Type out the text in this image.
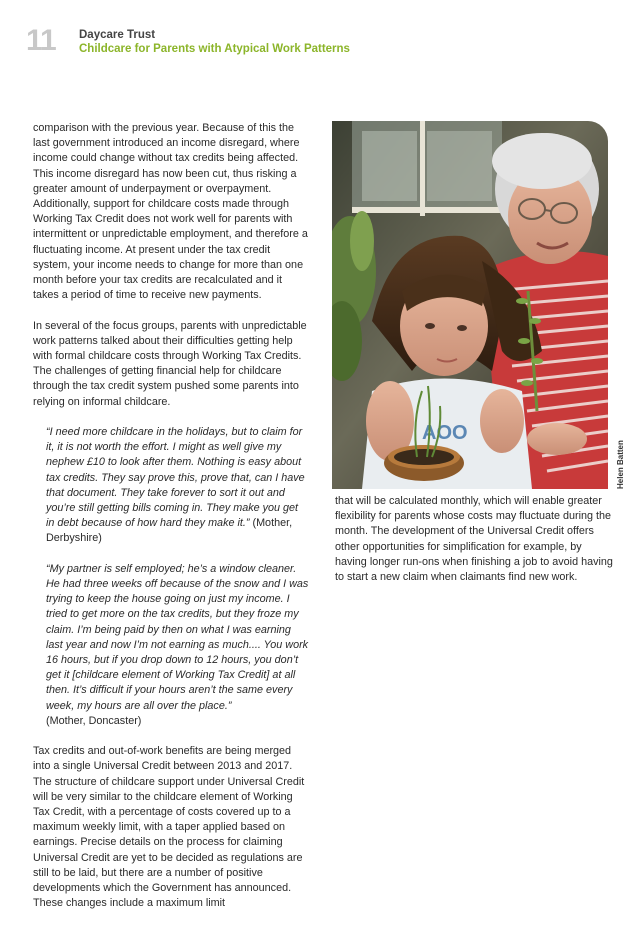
11 Daycare Trust
Childcare for Parents with Atypical Work Patterns

comparison with the previous year. Because of this the last government introduced an income disregard, where income could change without tax credits being affected. This income disregard has now been cut, thus risking a greater amount of underpayment or overpayment. Additionally, support for childcare costs made through Working Tax Credit does not work well for parents with intermittent or unpredictable employment, and therefore a fluctuating income. At present under the tax credit system, your income needs to change for more than one month before your tax credits are recalculated and it takes a period of time to receive new payments.

In several of the focus groups, parents with unpredictable work patterns talked about their difficulties getting help with formal childcare costs through Working Tax Credits. The challenges of getting financial help for childcare through the tax credit system pushed some parents into relying on informal childcare.

“I need more childcare in the holidays, but to claim for it, it is not worth the effort. I might as well give my nephew £10 to look after them. Nothing is easy about tax credits. They say prove this, prove that, can I have that document. They take forever to sort it out and you’re still getting bills coming in. They make you get in debt because of how hard they make it.” (Mother, Derbyshire)

“My partner is self employed; he’s a window cleaner. He had three weeks off because of the snow and I was trying to keep the house going on just my income. I tried to get more on the tax credits, but they froze my claim. I’m being paid by then on what I was earning last year and now I’m not earning as much.... You work 16 hours, but if you drop down to 12 hours, you don’t get it [childcare element of Working Tax Credit] at all then. It’s difficult if your hours aren’t the same every week, my hours are all over the place.”
(Mother, Doncaster)

Tax credits and out-of-work benefits are being merged into a single Universal Credit between 2013 and 2017. The structure of childcare support under Universal Credit will be very similar to the childcare element of Working Tax Credit, with a percentage of costs covered up to a maximum weekly limit, with a taper applied based on earnings. Precise details on the process for claiming Universal Credit are yet to be decided as regulations are still to be laid, but there are a number of positive developments which the Government has announced. These changes include a maximum limit

AOO
Helen Batten

that will be calculated monthly, which will enable greater flexibility for parents whose costs may fluctuate during the month. The development of the Universal Credit offers other opportunities for simplification for example, by having longer run-ons when finishing a job to avoid having to start a new claim when claimants find new work.
